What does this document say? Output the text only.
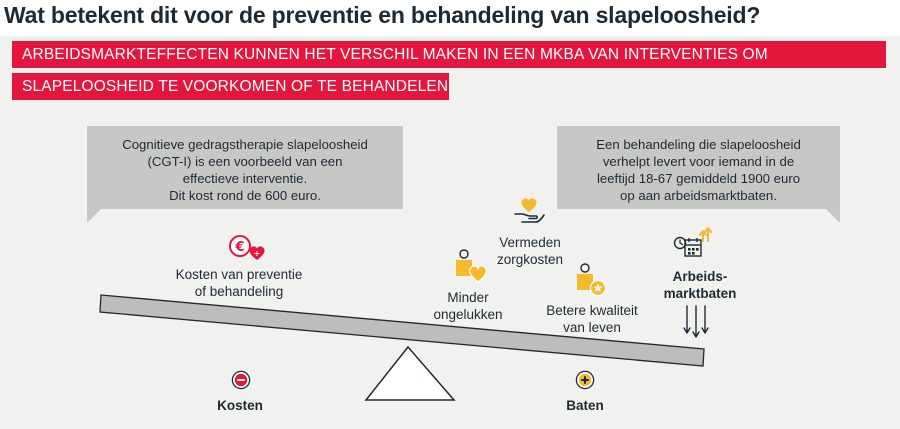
Wat betekent dit voor de preventie en behandeling van slapeloosheid?
ARBEIDSMARKTEFFECTEN KUNNEN HET VERSCHIL MAKEN IN EEN MKBA VAN INTERVENTIES OM
SLAPELOOSHEID TE VOORKOMEN OF TE BEHANDELEN
Cognitieve gedragstherapie slapeloosheid
(CGT-I) is een voorbeeld van een
effectieve interventie.
Dit kost rond de 600 euro.
Een behandeling die slapeloosheid
verhelpt levert voor iemand in de
leeftijd 18-67 gemiddeld 1900 euro
op aan arbeidsmarktbaten.
€ +
Kosten van preventie
of behandeling
Vermeden
zorgkosten
Minder
ongelukken	Betere kwaliteit
van leven
Arbeids-
marktbaten
Kosten	Baten
